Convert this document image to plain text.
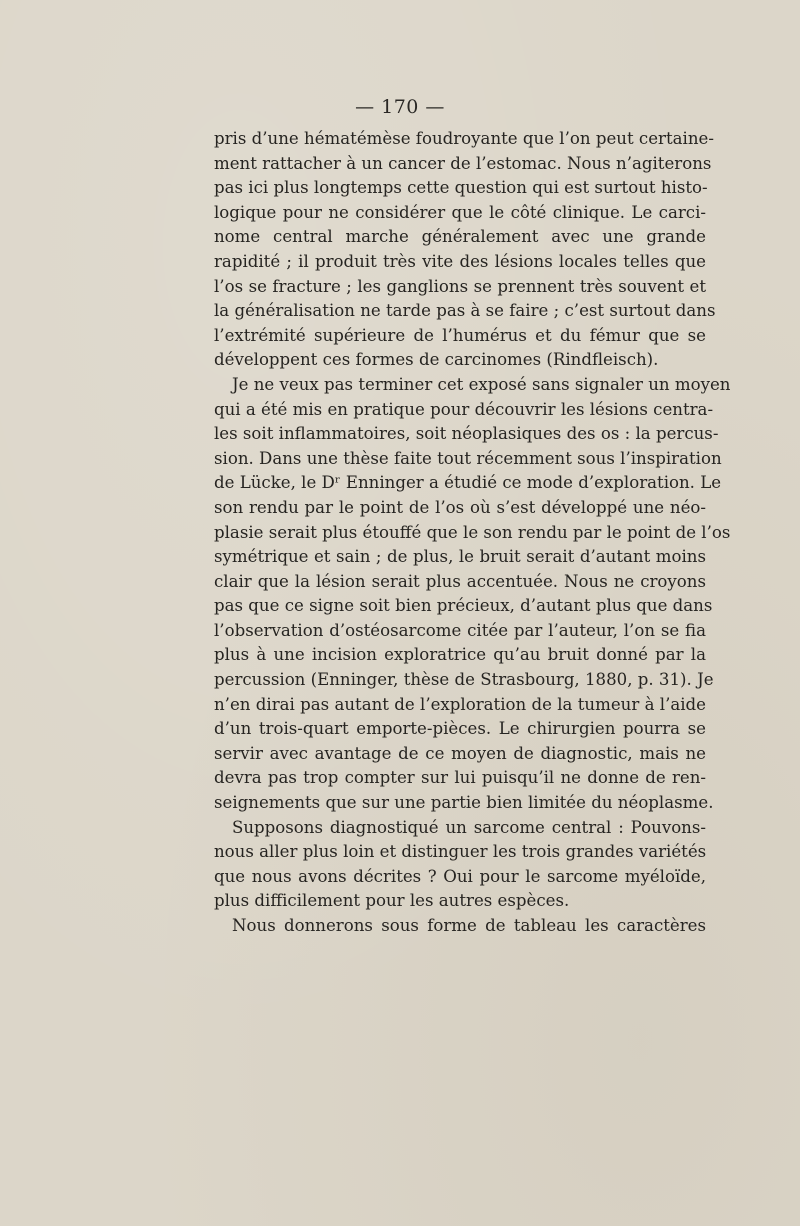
— 170 —
pris d’une hématémèse foudroyante que l’on peut certaine-
ment rattacher à un cancer de l’estomac. Nous n’agiterons
pas ici plus longtemps cette question qui est surtout histo-
logique pour ne considérer que le côté clinique. Le carci-
nome central marche généralement avec une grande
rapidité ; il produit très vite des lésions locales telles que
l’os se fracture ; les ganglions se prennent très souvent et
la généralisation ne tarde pas à se faire ; c’est surtout dans
l’extrémité supérieure de l’humérus et du fémur que se
développent ces formes de carcinomes (Rindfleisch).
Je ne veux pas terminer cet exposé sans signaler un moyen
qui a été mis en pratique pour découvrir les lésions centra-
les soit inflammatoires, soit néoplasiques des os : la percus-
sion. Dans une thèse faite tout récemment sous l’inspiration
de Lücke, le Dʳ Enninger a étudié ce mode d’exploration. Le
son rendu par le point de l’os où s’est développé une néo-
plasie serait plus étouffé que le son rendu par le point de l’os
symétrique et sain ; de plus, le bruit serait d’autant moins
clair que la lésion serait plus accentuée. Nous ne croyons
pas que ce signe soit bien précieux, d’autant plus que dans
l’observation d’ostéosarcome citée par l’auteur, l’on se fia
plus à une incision exploratrice qu’au bruit donné par la
percussion (Enninger, thèse de Strasbourg, 1880, p. 31). Je
n’en dirai pas autant de l’exploration de la tumeur à l’aide
d’un trois-quart emporte-pièces. Le chirurgien pourra se
servir avec avantage de ce moyen de diagnostic, mais ne
devra pas trop compter sur lui puisqu’il ne donne de ren-
seignements que sur une partie bien limitée du néoplasme.
Supposons diagnostiqué un sarcome central : Pouvons-
nous aller plus loin et distinguer les trois grandes variétés
que nous avons décrites ? Oui pour le sarcome myéloïde,
plus difficilement pour les autres espèces.
Nous donnerons sous forme de tableau les caractères
